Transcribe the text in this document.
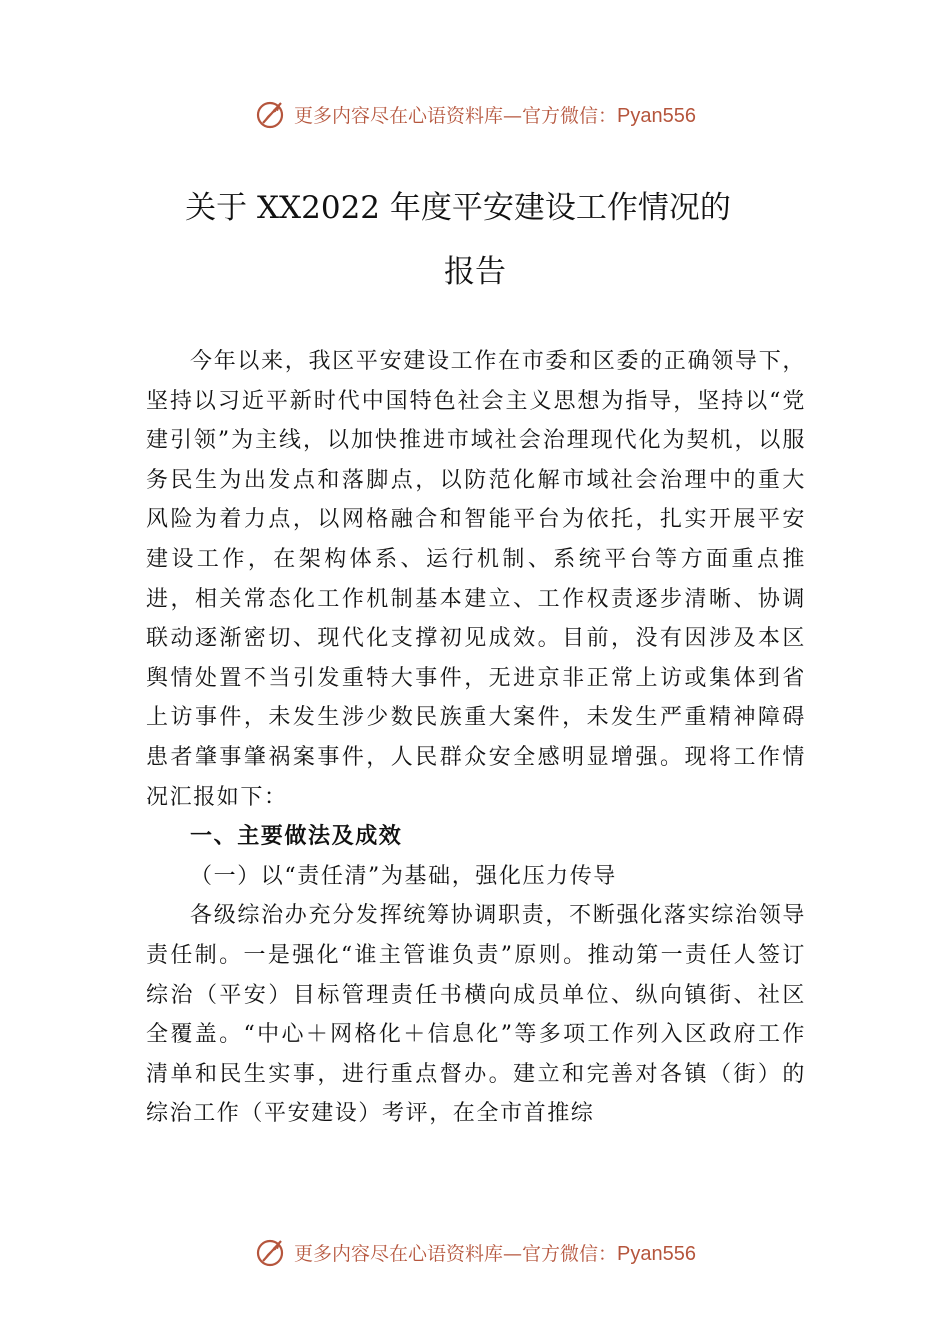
更多内容尽在心语资料库—官方微信：Pyan556
关于 XX2022 年度平安建设工作情况的
报告

今年以来，我区平安建设工作在市委和区委的正确领导下，坚持以习近平新时代中国特色社会主义思想为指导，坚持以“党建引领”为主线，以加快推进市域社会治理现代化为契机，以服务民生为出发点和落脚点，以防范化解市域社会治理中的重大风险为着力点，以网格融合和智能平台为依托，扎实开展平安建设工作，在架构体系、运行机制、系统平台等方面重点推进，相关常态化工作机制基本建立、工作权责逐步清晰、协调联动逐渐密切、现代化支撑初见成效。目前，没有因涉及本区舆情处置不当引发重特大事件，无进京非正常上访或集体到省上访事件，未发生涉少数民族重大案件，未发生严重精神障碍患者肇事肇祸案事件，人民群众安全感明显增强。现将工作情况汇报如下：

一、主要做法及成效
（一）以“责任清”为基础，强化压力传导

各级综治办充分发挥统筹协调职责，不断强化落实综治领导责任制。一是强化“谁主管谁负责”原则。推动第一责任人签订综治（平安）目标管理责任书横向成员单位、纵向镇街、社区全覆盖。“中心＋网格化＋信息化”等多项工作列入区政府工作清单和民生实事，进行重点督办。建立和完善对各镇（街）的综治工作（平安建设）考评，在全市首推综

更多内容尽在心语资料库—官方微信：Pyan556
